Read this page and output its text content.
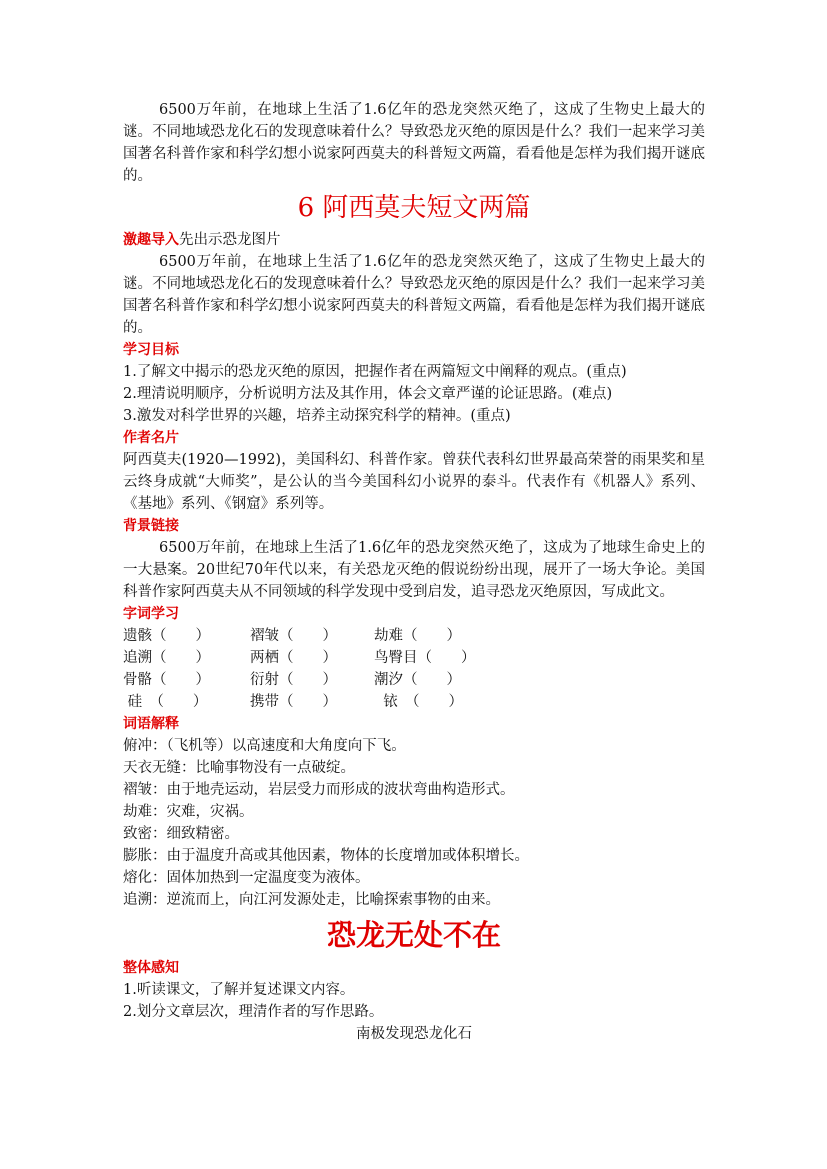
6500万年前，在地球上生活了1.6亿年的恐龙突然灭绝了，这成了生物史上最大的谜。不同地域恐龙化石的发现意味着什么？导致恐龙灭绝的原因是什么？我们一起来学习美国著名科普作家和科学幻想小说家阿西莫夫的科普短文两篇，看看他是怎样为我们揭开谜底的。

6 阿西莫夫短文两篇

激趣导入先出示恐龙图片

6500万年前，在地球上生活了1.6亿年的恐龙突然灭绝了，这成了生物史上最大的谜。不同地域恐龙化石的发现意味着什么？导致恐龙灭绝的原因是什么？我们一起来学习美国著名科普作家和科学幻想小说家阿西莫夫的科普短文两篇，看看他是怎样为我们揭开谜底的。

学习目标

1.了解文中揭示的恐龙灭绝的原因，把握作者在两篇短文中阐释的观点。(重点)

2.理清说明顺序，分析说明方法及其作用，体会文章严谨的论证思路。(难点)

3.激发对科学世界的兴趣，培养主动探究科学的精神。(重点)

作者名片

阿西莫夫(1920—1992)，美国科幻、科普作家。曾获代表科幻世界最高荣誉的雨果奖和星云终身成就“大师奖”，是公认的当今美国科幻小说界的泰斗。代表作有《机器人》系列、《基地》系列、《钢窟》系列等。

背景链接

6500万年前，在地球上生活了1.6亿年的恐龙突然灭绝了，这成为了地球生命史上的一大悬案。20世纪70年代以来，有关恐龙灭绝的假说纷纷出现，展开了一场大争论。美国科普作家阿西莫夫从不同领域的科学发现中受到启发，追寻恐龙灭绝原因，写成此文。

字词学习

遗骸（　　）	褶皱（　　）	劫难（　　）
追溯（　　）	两栖（　　）	鸟臀目（　　）
骨骼（　　）	衍射（　　）	潮汐（　　）
硅　（　　）	携带（　　）	铱　（　　）

词语解释

俯冲：（飞机等）以高速度和大角度向下飞。

天衣无缝：比喻事物没有一点破绽。

褶皱：由于地壳运动，岩层受力而形成的波状弯曲构造形式。

劫难：灾难，灾祸。

致密：细致精密。

膨胀：由于温度升高或其他因素，物体的长度增加或体积增长。

熔化：固体加热到一定温度变为液体。

追溯：逆流而上，向江河发源处走，比喻探索事物的由来。

恐龙无处不在

整体感知

1.听读课文，了解并复述课文内容。

2.划分文章层次，理清作者的写作思路。

南极发现恐龙化石
